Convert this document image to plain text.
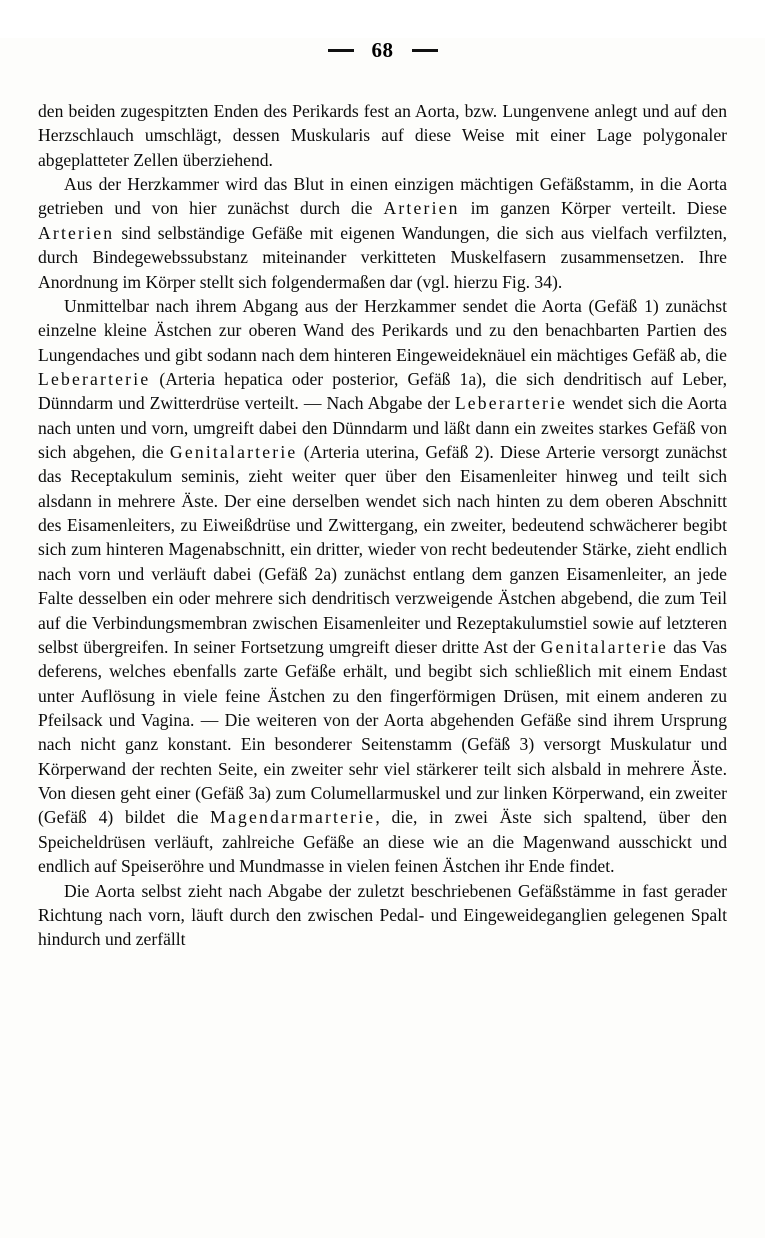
68

den beiden zugespitzten Enden des Perikards fest an Aorta, bzw. Lungenvene anlegt und auf den Herzschlauch umschlägt, dessen Muskularis auf diese Weise mit einer Lage polygonaler abgeplatteter Zellen überziehend.

Aus der Herzkammer wird das Blut in einen einzigen mächtigen Gefäßstamm, in die Aorta getrieben und von hier zunächst durch die Arterien im ganzen Körper verteilt. Diese Arterien sind selbständige Gefäße mit eigenen Wandungen, die sich aus vielfach verfilzten, durch Bindegewebssubstanz miteinander verkitteten Muskelfasern zusammensetzen. Ihre Anordnung im Körper stellt sich folgendermaßen dar (vgl. hierzu Fig. 34).

Unmittelbar nach ihrem Abgang aus der Herzkammer sendet die Aorta (Gefäß 1) zunächst einzelne kleine Ästchen zur oberen Wand des Perikards und zu den benachbarten Partien des Lungendaches und gibt sodann nach dem hinteren Eingeweideknäuel ein mächtiges Gefäß ab, die Leberarterie (Arteria hepatica oder posterior, Gefäß 1a), die sich dendritisch auf Leber, Dünndarm und Zwitterdrüse verteilt. — Nach Abgabe der Leberarterie wendet sich die Aorta nach unten und vorn, umgreift dabei den Dünndarm und läßt dann ein zweites starkes Gefäß von sich abgehen, die Genitalarterie (Arteria uterina, Gefäß 2). Diese Arterie versorgt zunächst das Receptakulum seminis, zieht weiter quer über den Eisamenleiter hinweg und teilt sich alsdann in mehrere Äste. Der eine derselben wendet sich nach hinten zu dem oberen Abschnitt des Eisamenleiters, zu Eiweißdrüse und Zwittergang, ein zweiter, bedeutend schwächerer begibt sich zum hinteren Magenabschnitt, ein dritter, wieder von recht bedeutender Stärke, zieht endlich nach vorn und verläuft dabei (Gefäß 2a) zunächst entlang dem ganzen Eisamenleiter, an jede Falte desselben ein oder mehrere sich dendritisch verzweigende Ästchen abgebend, die zum Teil auf die Verbindungsmembran zwischen Eisamenleiter und Rezeptakulumstiel sowie auf letzteren selbst übergreifen. In seiner Fortsetzung umgreift dieser dritte Ast der Genitalarterie das Vas deferens, welches ebenfalls zarte Gefäße erhält, und begibt sich schließlich mit einem Endast unter Auflösung in viele feine Ästchen zu den fingerförmigen Drüsen, mit einem anderen zu Pfeilsack und Vagina. — Die weiteren von der Aorta abgehenden Gefäße sind ihrem Ursprung nach nicht ganz konstant. Ein besonderer Seitenstamm (Gefäß 3) versorgt Muskulatur und Körperwand der rechten Seite, ein zweiter sehr viel stärkerer teilt sich alsbald in mehrere Äste. Von diesen geht einer (Gefäß 3a) zum Columellarmuskel und zur linken Körperwand, ein zweiter (Gefäß 4) bildet die Magendarmarterie, die, in zwei Äste sich spaltend, über den Speicheldrüsen verläuft, zahlreiche Gefäße an diese wie an die Magenwand ausschickt und endlich auf Speiseröhre und Mundmasse in vielen feinen Ästchen ihr Ende findet.

Die Aorta selbst zieht nach Abgabe der zuletzt beschriebenen Gefäßstämme in fast gerader Richtung nach vorn, läuft durch den zwischen Pedal- und Eingeweideganglien gelegenen Spalt hindurch und zerfällt
